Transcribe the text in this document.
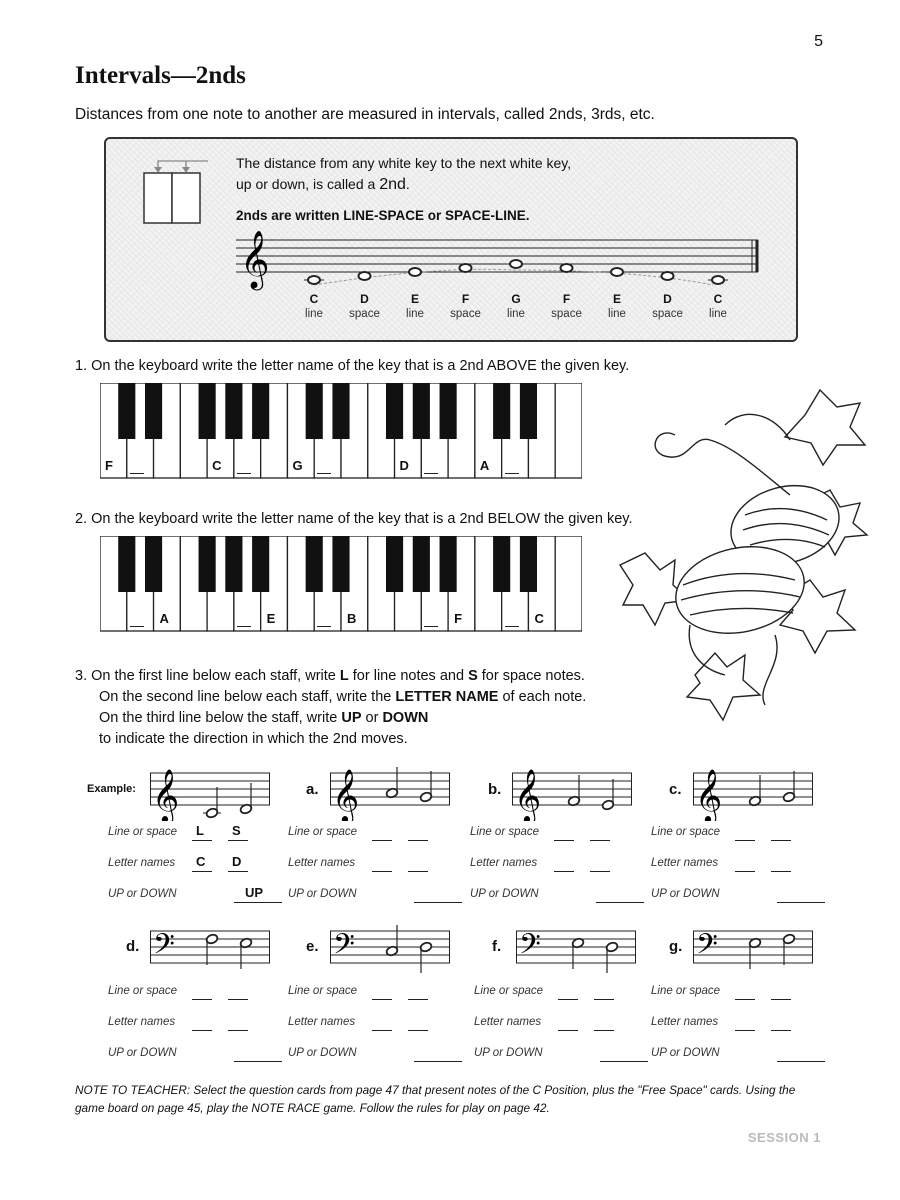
5
Intervals—2nds
Distances from one note to another are measured in intervals, called 2nds, 3rds, etc.
The distance from any white key to the next white key,
up or down, is called a 2nd.
2nds are written LINE-SPACE or SPACE-LINE.
𝄞
C
line
D
space
E
line
F
space
G
line
F
space
E
line
D
space
C
line
1. On the keyboard write the letter name of the key that is a 2nd ABOVE the given key.
F	C	G	D	A
2. On the keyboard write the letter name of the key that is a 2nd BELOW the given key.
A	E	B	F	C
3. On the first line below each staff, write L for line notes and S for space notes.
On the second line below each staff, write the LETTER NAME of each note.
On the third line below the staff, write UP or DOWN
to indicate the direction in which the 2nd moves.
Example: 𝄞
Line or space L S
Letter names C D
UP or DOWN	UP
a. 𝄞
Line or space
Letter names
UP or DOWN
b. 𝄞
Line or space
Letter names
UP or DOWN
c. 𝄞
Line or space
Letter names
UP or DOWN
d. 𝄢
Line or space
Letter names
UP or DOWN
e. 𝄢
Line or space
Letter names
UP or DOWN
f. 𝄢
Line or space
Letter names
UP or DOWN
g. 𝄢
Line or space
Letter names
UP or DOWN
NOTE TO TEACHER: Select the question cards from page 47 that present notes of the C Position, plus the "Free Space" cards. Using the game board on page 45, play the NOTE RACE game. Follow the rules for play on page 42.
SESSION 1
